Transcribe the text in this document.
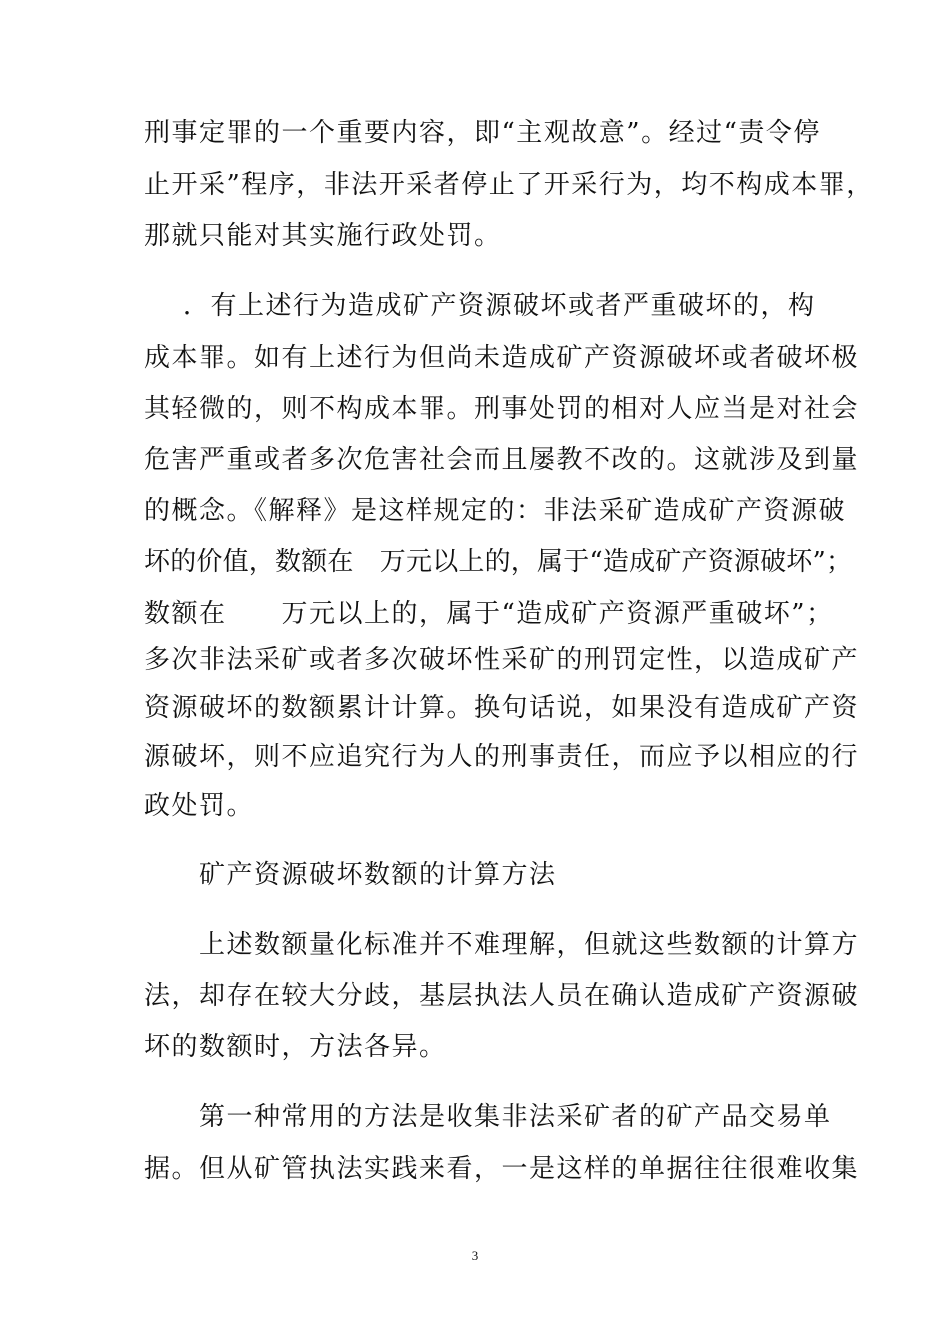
刑事定罪的一个重要内容，即“主观故意”。经过“责令停
止开采”程序，非法开采者停止了开采行为，均不构成本罪，
那就只能对其实施行政处罚。
．有上述行为造成矿产资源破坏或者严重破坏的，构
成本罪。如有上述行为但尚未造成矿产资源破坏或者破坏极
其轻微的，则不构成本罪。刑事处罚的相对人应当是对社会
危害严重或者多次危害社会而且屡教不改的。这就涉及到量
的概念。《解释》是这样规定的：非法采矿造成矿产资源破
坏的价值，数额在　万元以上的，属于“造成矿产资源破坏”；
数额在　　万元以上的，属于“造成矿产资源严重破坏”；
多次非法采矿或者多次破坏性采矿的刑罚定性，以造成矿产
资源破坏的数额累计计算。换句话说，如果没有造成矿产资
源破坏，则不应追究行为人的刑事责任，而应予以相应的行
政处罚。
　　矿产资源破坏数额的计算方法
　　上述数额量化标准并不难理解，但就这些数额的计算方
法，却存在较大分歧，基层执法人员在确认造成矿产资源破
坏的数额时，方法各异。
　　第一种常用的方法是收集非法采矿者的矿产品交易单
据。但从矿管执法实践来看，一是这样的单据往往很难收集
3
